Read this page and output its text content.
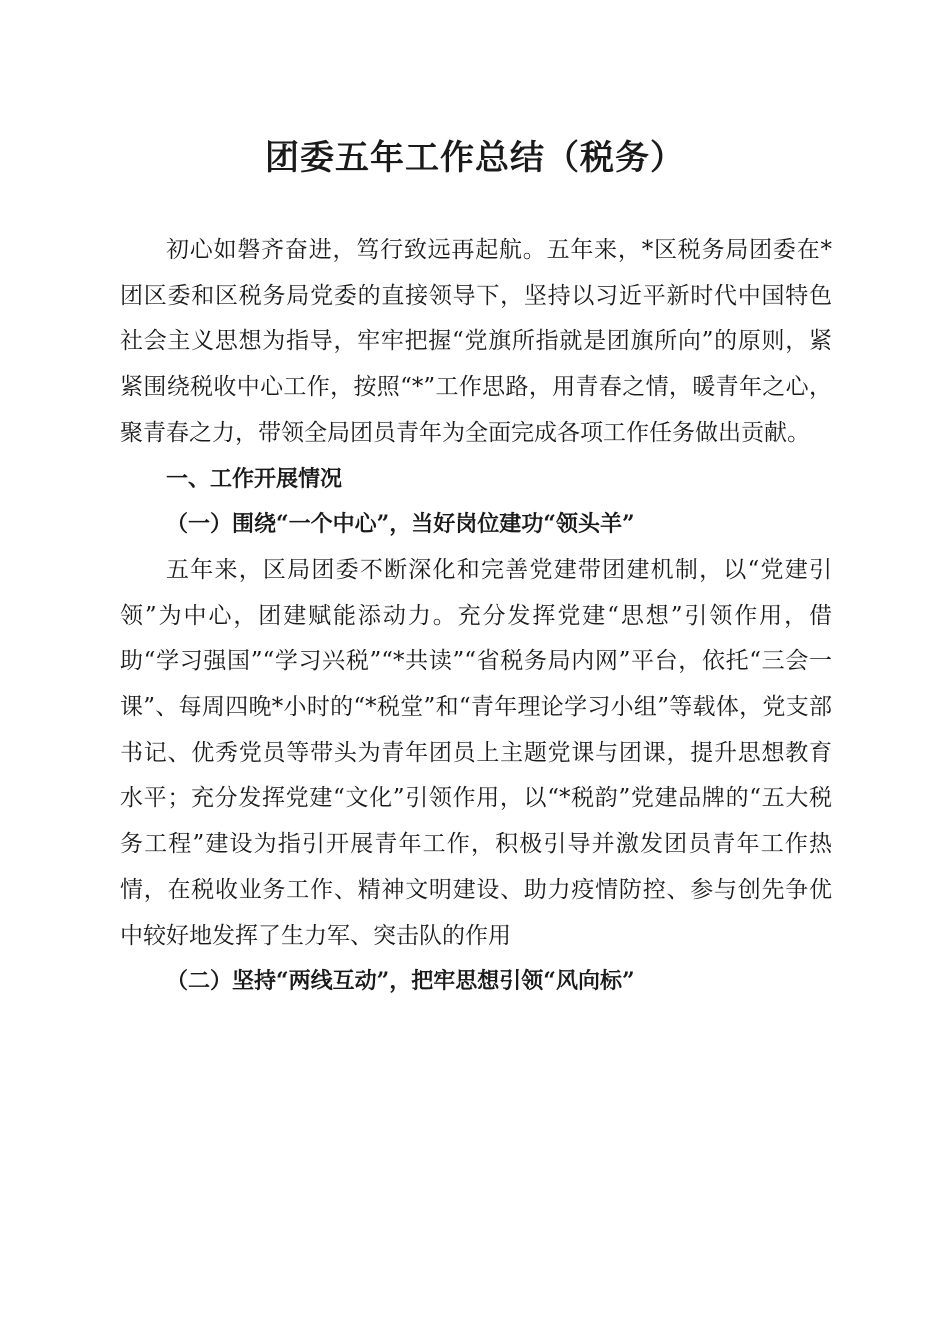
团委五年工作总结（税务）

初心如磐齐奋进，笃行致远再起航。五年来，*区税务局团委在*团区委和区税务局党委的直接领导下，坚持以习近平新时代中国特色社会主义思想为指导，牢牢把握“党旗所指就是团旗所向”的原则，紧紧围绕税收中心工作，按照“*”工作思路，用青春之情，暖青年之心，聚青春之力，带领全局团员青年为全面完成各项工作任务做出贡献。

一、工作开展情况

（一）围绕“一个中心”，当好岗位建功“领头羊”

五年来，区局团委不断深化和完善党建带团建机制，以“党建引领”为中心，团建赋能添动力。充分发挥党建“思想”引领作用，借助“学习强国”“学习兴税”“*共读”“省税务局内网”平台，依托“三会一课”、每周四晚*小时的“*税堂”和“青年理论学习小组”等载体，党支部书记、优秀党员等带头为青年团员上主题党课与团课，提升思想教育水平；充分发挥党建“文化”引领作用，以“*税韵”党建品牌的“五大税务工程”建设为指引开展青年工作，积极引导并激发团员青年工作热情，在税收业务工作、精神文明建设、助力疫情防控、参与创先争优中较好地发挥了生力军、突击队的作用

（二）坚持“两线互动”，把牢思想引领“风向标”
